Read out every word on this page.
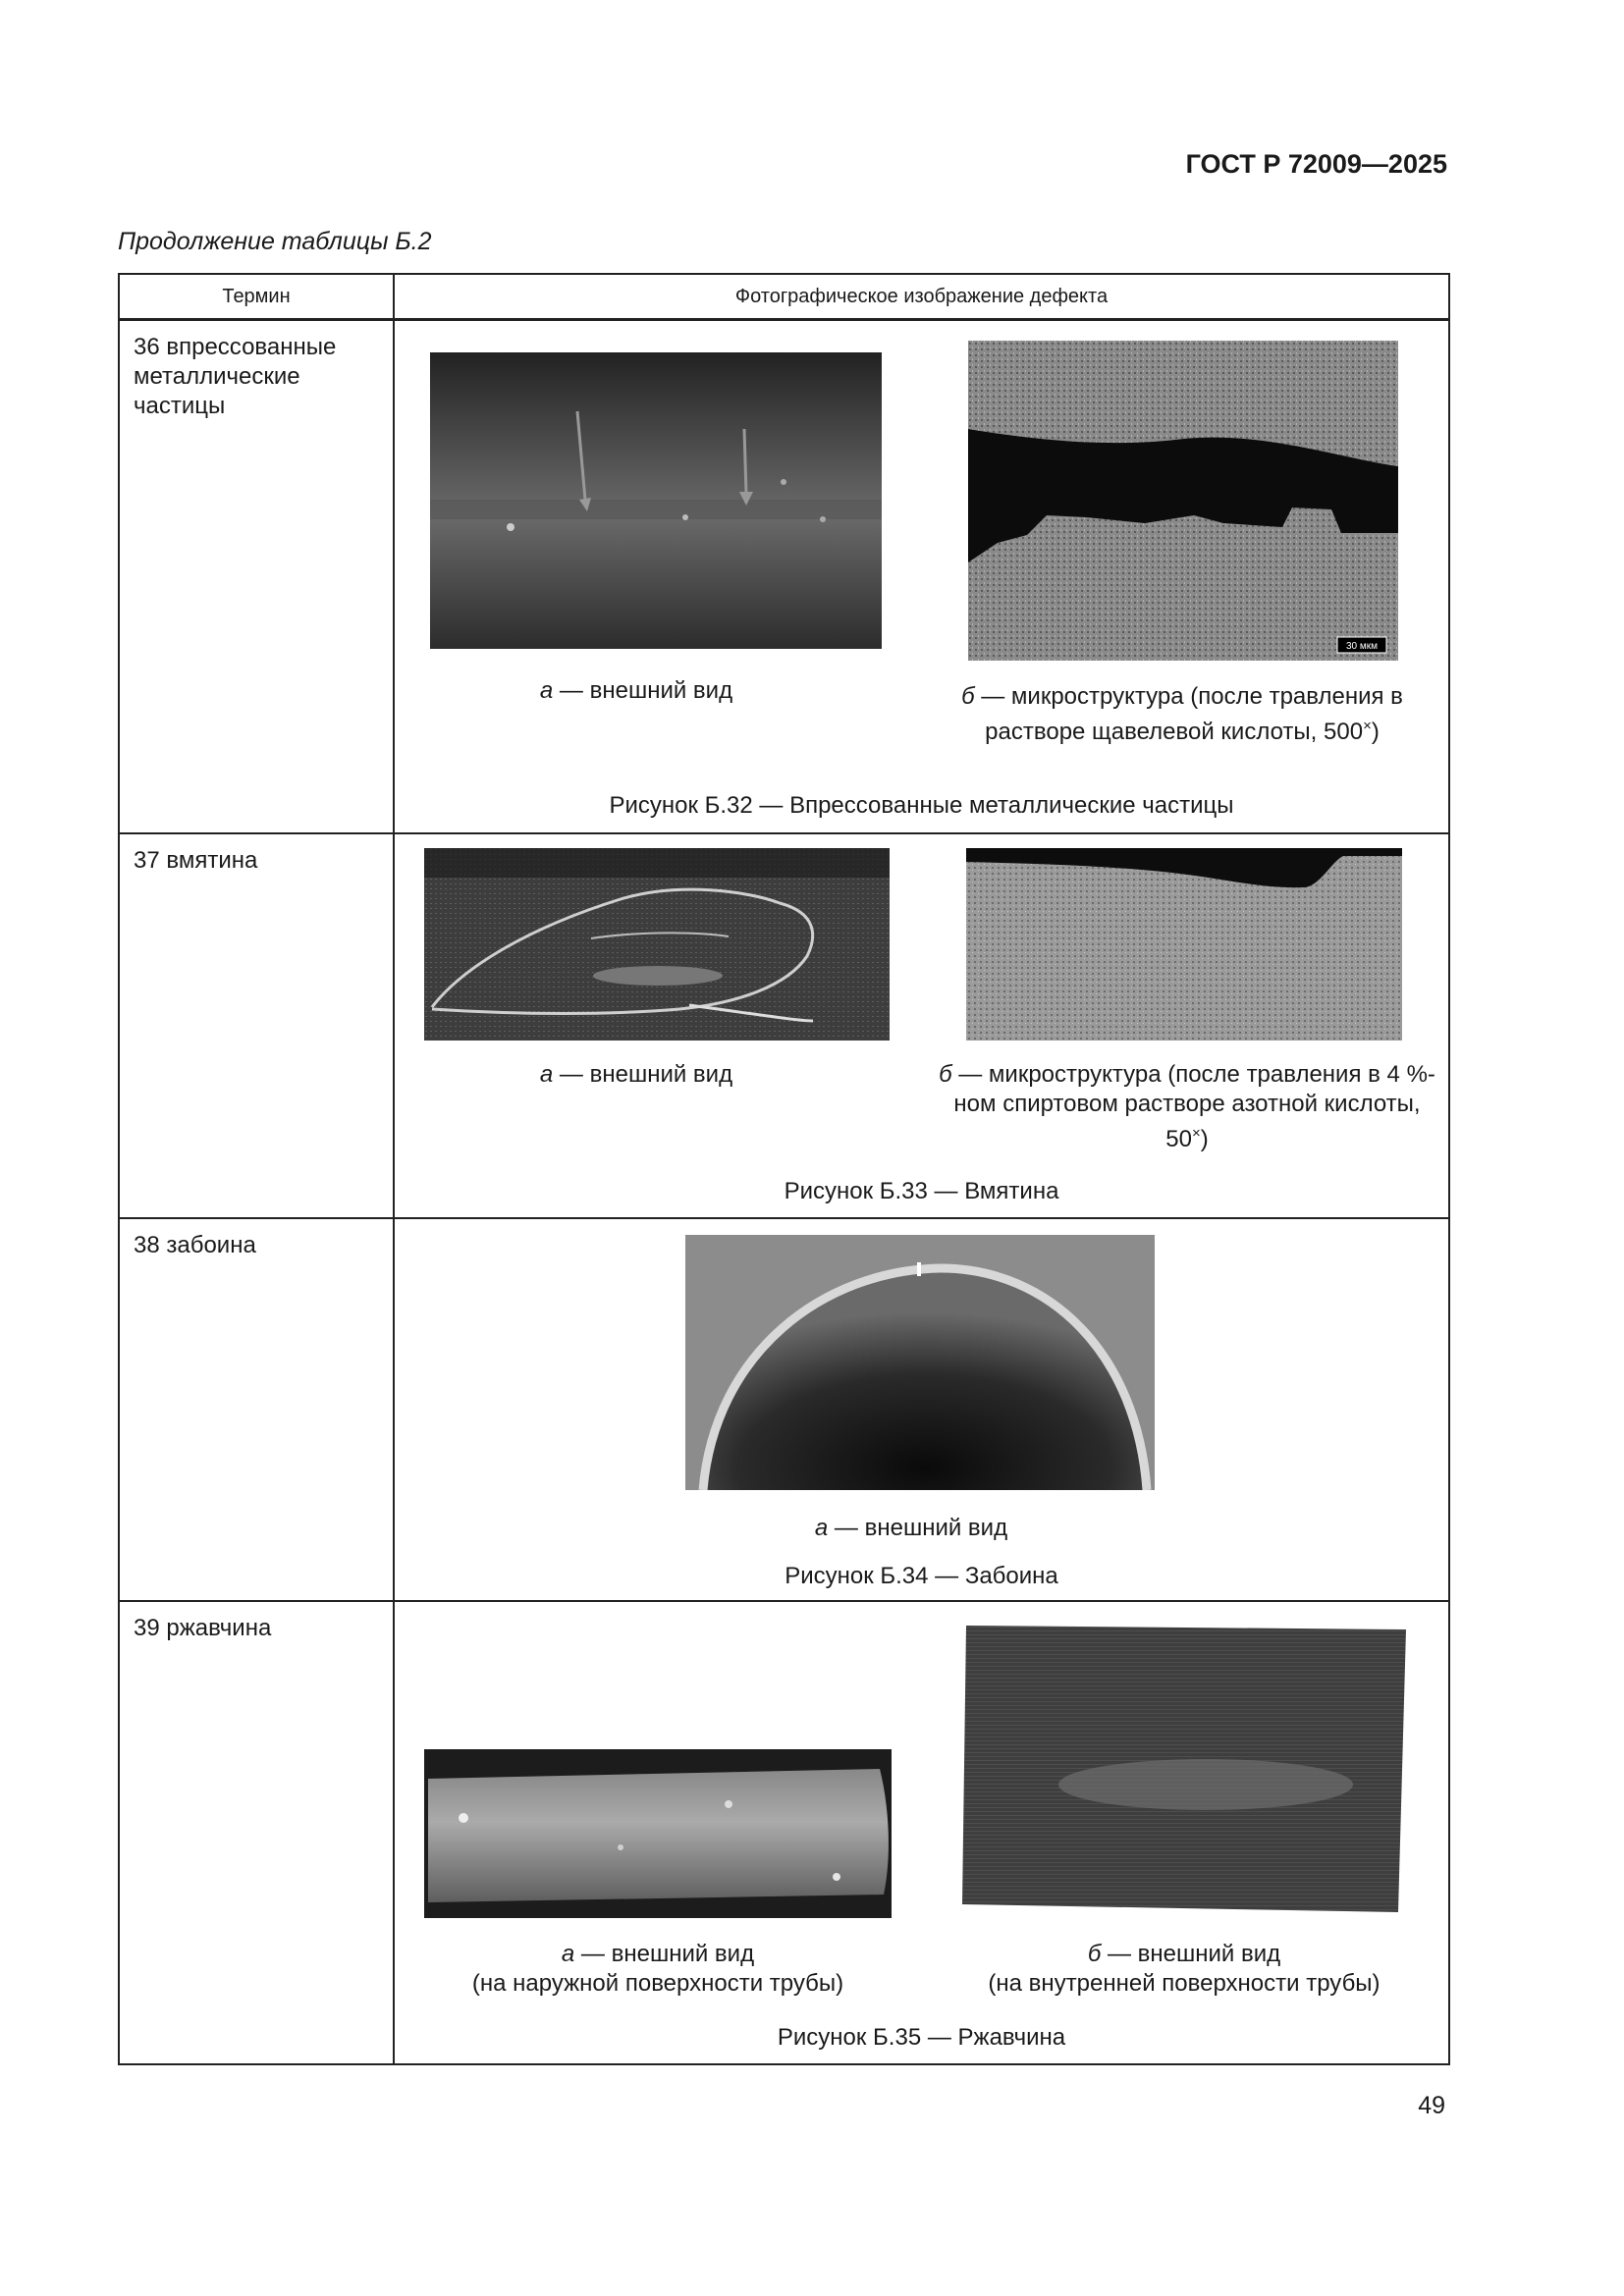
ГОСТ Р 72009—2025
Продолжение таблицы Б.2
Термин	Фотографическое изображение дефекта

36 впрессованные металлические частицы	30 мкм
а — внешний вид б — микроструктура (после травления в растворе щавелевой кислоты, 500×)
Рисунок Б.32 — Впрессованные металлические частицы

37 вмятина	а — внешний вид б — микроструктура (после травления в 4 %-ном спиртовом растворе азотной кислоты, 50×)
Рисунок Б.33 — Вмятина

38 забоина	а — внешний вид
Рисунок Б.34 — Забоина

39 ржавчина	а — внешний вид
(на наружной поверхности трубы)
б — внешний вид
(на внутренней поверхности трубы)
Рисунок Б.35 — Ржавчина
49
